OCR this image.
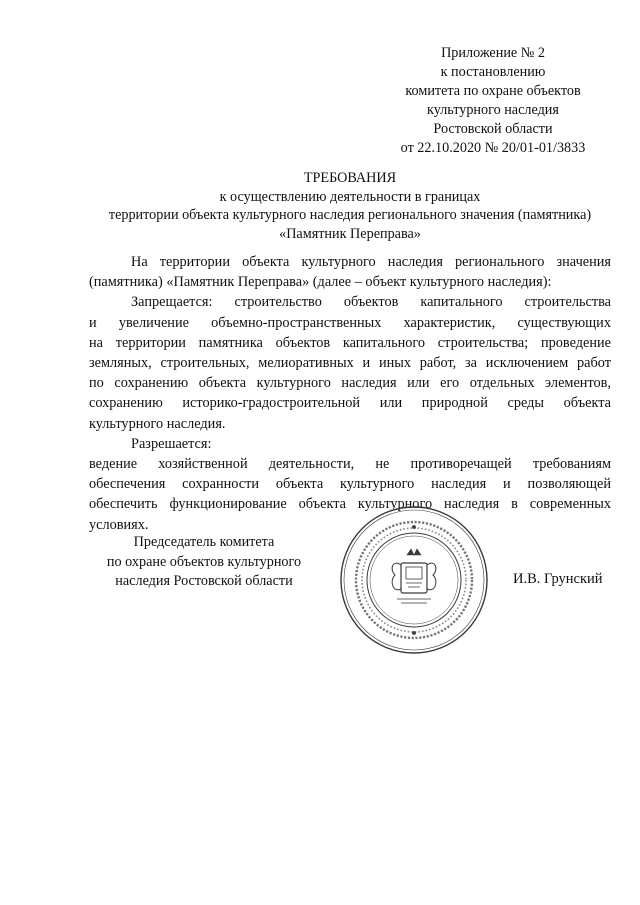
Приложение № 2
к постановлению
комитета по охране объектов
культурного наследия
Ростовской области
от 22.10.2020 № 20/01-01/3833
ТРЕБОВАНИЯ
к осуществлению деятельности в границах
территории объекта культурного наследия регионального значения (памятника)
«Памятник Переправа»
На территории объекта культурного наследия регионального значения
(памятника) «Памятник Переправа» (далее – объект культурного наследия):
Запрещается: строительство объектов капитального строительства
и увеличение объемно-пространственных характеристик, существующих
на территории памятника объектов капитального строительства; проведение
земляных, строительных, мелиоративных и иных работ, за исключением работ
по сохранению объекта культурного наследия или его отдельных элементов,
сохранению историко-градостроительной или природной среды объекта
культурного наследия.
Разрешается:
ведение хозяйственной деятельности, не противоречащей требованиям
обеспечения сохранности объекта культурного наследия и позволяющей
обеспечить функционирование объекта культурного наследия в современных
условиях.
Председатель комитета
по охране объектов культурного
наследия Ростовской области	И.В. Грунский
